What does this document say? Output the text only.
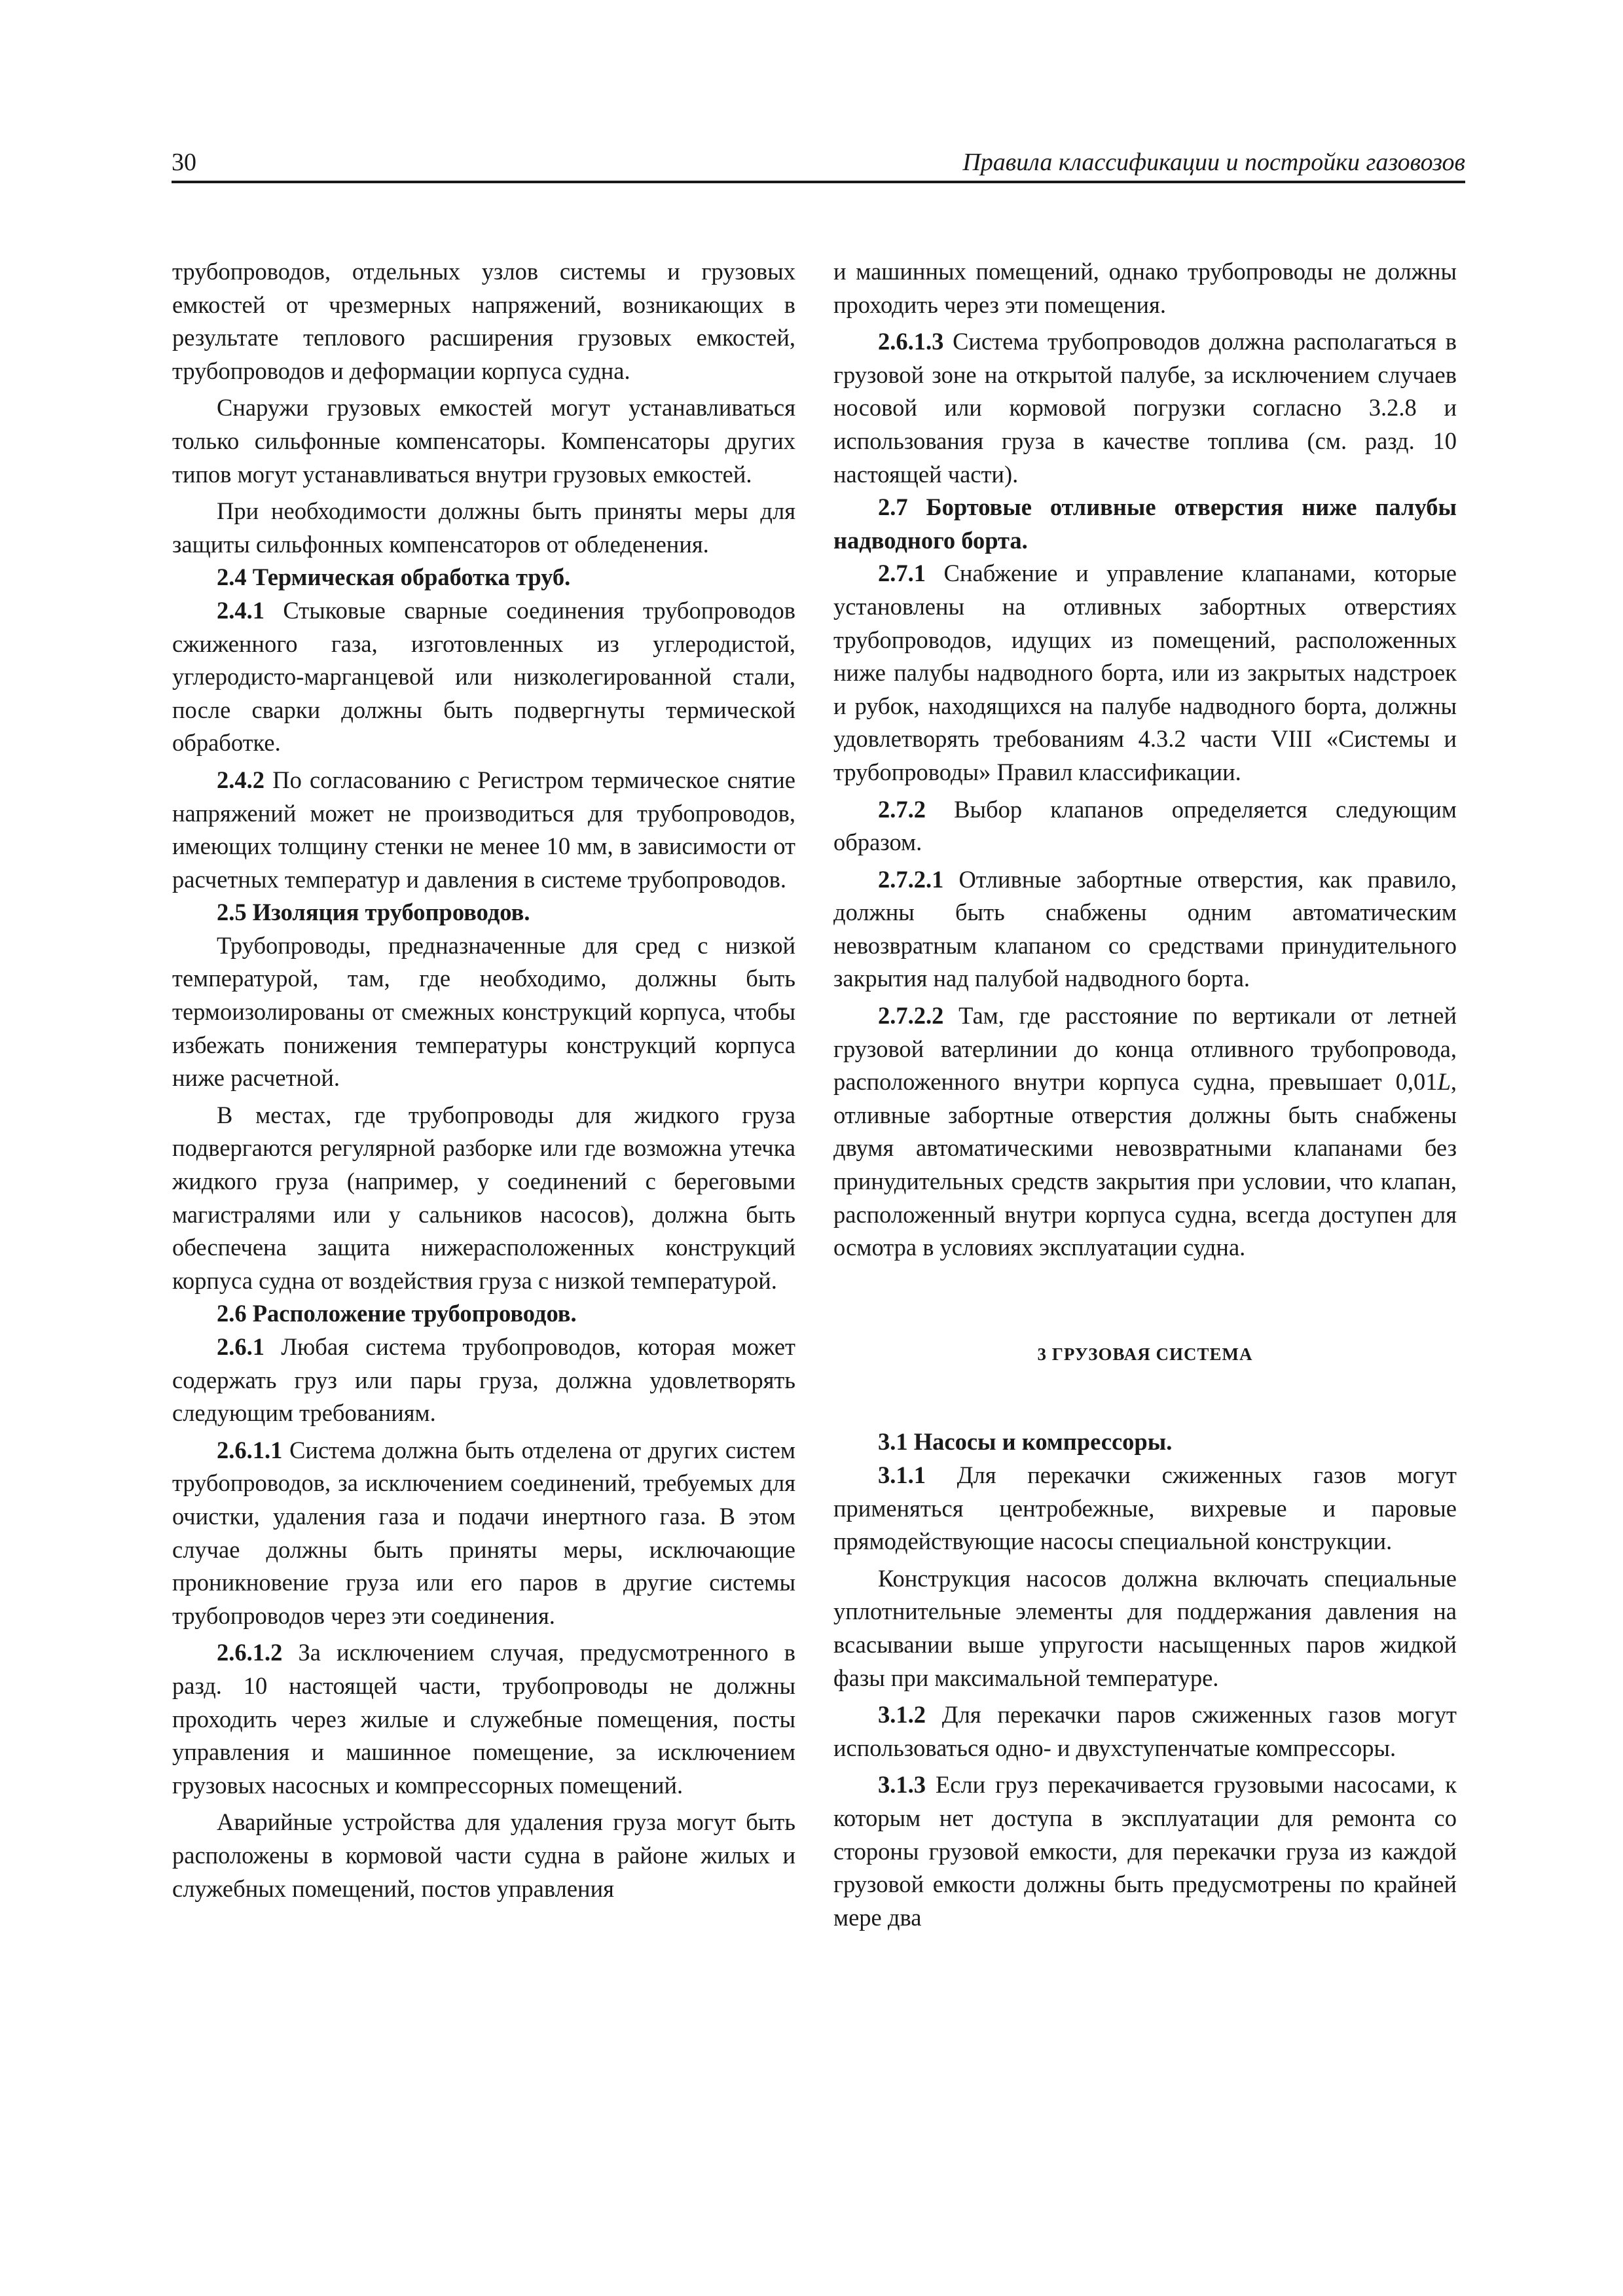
30	Правила классификации и постройки газовозов

трубопроводов, отдельных узлов системы и грузовых емкостей от чрезмерных напряжений, возникающих в результате теплового расширения грузовых емкостей, трубопроводов и деформации корпуса судна.

Снаружи грузовых емкостей могут устанавливаться только сильфонные компенсаторы. Компенсаторы других типов могут устанавливаться внутри грузовых емкостей.

При необходимости должны быть приняты меры для защиты сильфонных компенсаторов от обледенения.

2.4 Термическая обработка труб.

2.4.1 Стыковые сварные соединения трубопроводов сжиженного газа, изготовленных из углеродистой, углеродисто-марганцевой или низколегированной стали, после сварки должны быть подвергнуты термической обработке.

2.4.2 По согласованию с Регистром термическое снятие напряжений может не производиться для трубопроводов, имеющих толщину стенки не менее 10 мм, в зависимости от расчетных температур и давления в системе трубопроводов.

2.5 Изоляция трубопроводов.

Трубопроводы, предназначенные для сред с низкой температурой, там, где необходимо, должны быть термоизолированы от смежных конструкций корпуса, чтобы избежать понижения температуры конструкций корпуса ниже расчетной.

В местах, где трубопроводы для жидкого груза подвергаются регулярной разборке или где возможна утечка жидкого груза (например, у соединений с береговыми магистралями или у сальников насосов), должна быть обеспечена защита нижерасположенных конструкций корпуса судна от воздействия груза с низкой температурой.

2.6 Расположение трубопроводов.

2.6.1 Любая система трубопроводов, которая может содержать груз или пары груза, должна удовлетворять следующим требованиям.

2.6.1.1 Система должна быть отделена от других систем трубопроводов, за исключением соединений, требуемых для очистки, удаления газа и подачи инертного газа. В этом случае должны быть приняты меры, исключающие проникновение груза или его паров в другие системы трубопроводов через эти соединения.

2.6.1.2 За исключением случая, предусмотренного в разд. 10 настоящей части, трубопроводы не должны проходить через жилые и служебные помещения, посты управления и машинное помещение, за исключением грузовых насосных и компрессорных помещений.

Аварийные устройства для удаления груза могут быть расположены в кормовой части судна в районе жилых и служебных помещений, постов управления

и машинных помещений, однако трубопроводы не должны проходить через эти помещения.

2.6.1.3 Система трубопроводов должна располагаться в грузовой зоне на открытой палубе, за исключением случаев носовой или кормовой погрузки согласно 3.2.8 и использования груза в качестве топлива (см. разд. 10 настоящей части).

2.7 Бортовые отливные отверстия ниже палубы надводного борта.

2.7.1 Снабжение и управление клапанами, которые установлены на отливных забортных отверстиях трубопроводов, идущих из помещений, расположенных ниже палубы надводного борта, или из закрытых надстроек и рубок, находящихся на палубе надводного борта, должны удовлетворять требованиям 4.3.2 части VIII «Системы и трубопроводы» Правил классификации.

2.7.2 Выбор клапанов определяется следующим образом.

2.7.2.1 Отливные забортные отверстия, как правило, должны быть снабжены одним автоматическим невозвратным клапаном со средствами принудительного закрытия над палубой надводного борта.

2.7.2.2 Там, где расстояние по вертикали от летней грузовой ватерлинии до конца отливного трубопровода, расположенного внутри корпуса судна, превышает 0,01L, отливные забортные отверстия должны быть снабжены двумя автоматическими невозвратными клапанами без принудительных средств закрытия при условии, что клапан, расположенный внутри корпуса судна, всегда доступен для осмотра в условиях эксплуатации судна.

3 ГРУЗОВАЯ СИСТЕМА

3.1 Насосы и компрессоры.

3.1.1 Для перекачки сжиженных газов могут применяться центробежные, вихревые и паровые прямодействующие насосы специальной конструкции.

Конструкция насосов должна включать специальные уплотнительные элементы для поддержания давления на всасывании выше упругости насыщенных паров жидкой фазы при максимальной температуре.

3.1.2 Для перекачки паров сжиженных газов могут использоваться одно- и двухступенчатые компрессоры.

3.1.3 Если груз перекачивается грузовыми насосами, к которым нет доступа в эксплуатации для ремонта со стороны грузовой емкости, для перекачки груза из каждой грузовой емкости должны быть предусмотрены по крайней мере два
